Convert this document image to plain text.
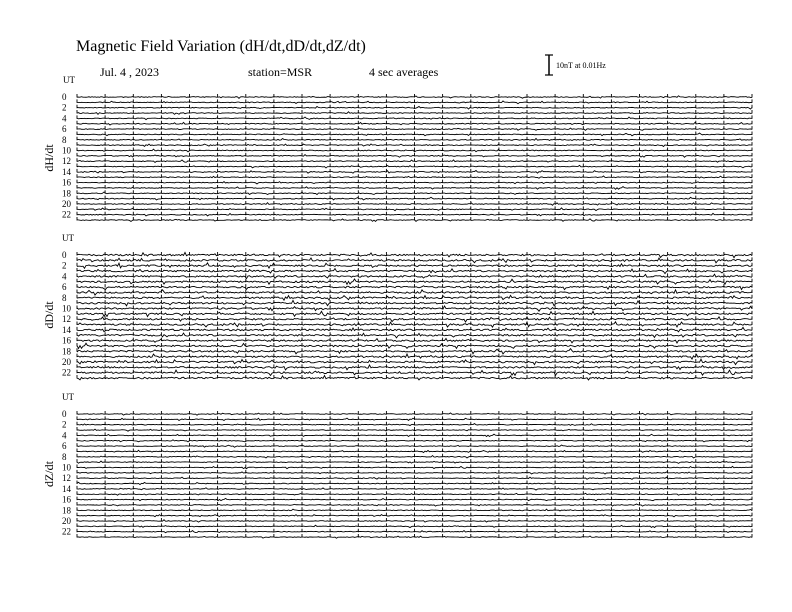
Magnetic Field Variation (dH/dt,dD/dt,dZ/dt)
Jul. 4 , 2023	station=MSR	4 sec averages	10nT at 0.01Hz
UT
dH/dt
0
2
4
6
8
10
12
14
16
18
20
22
UT
dD/dt
0
2
4
6
8
10
12
14
16
18
20
22
UT
dZ/dt
0
2
4
6
8
10
12
14
16
18
20
22
